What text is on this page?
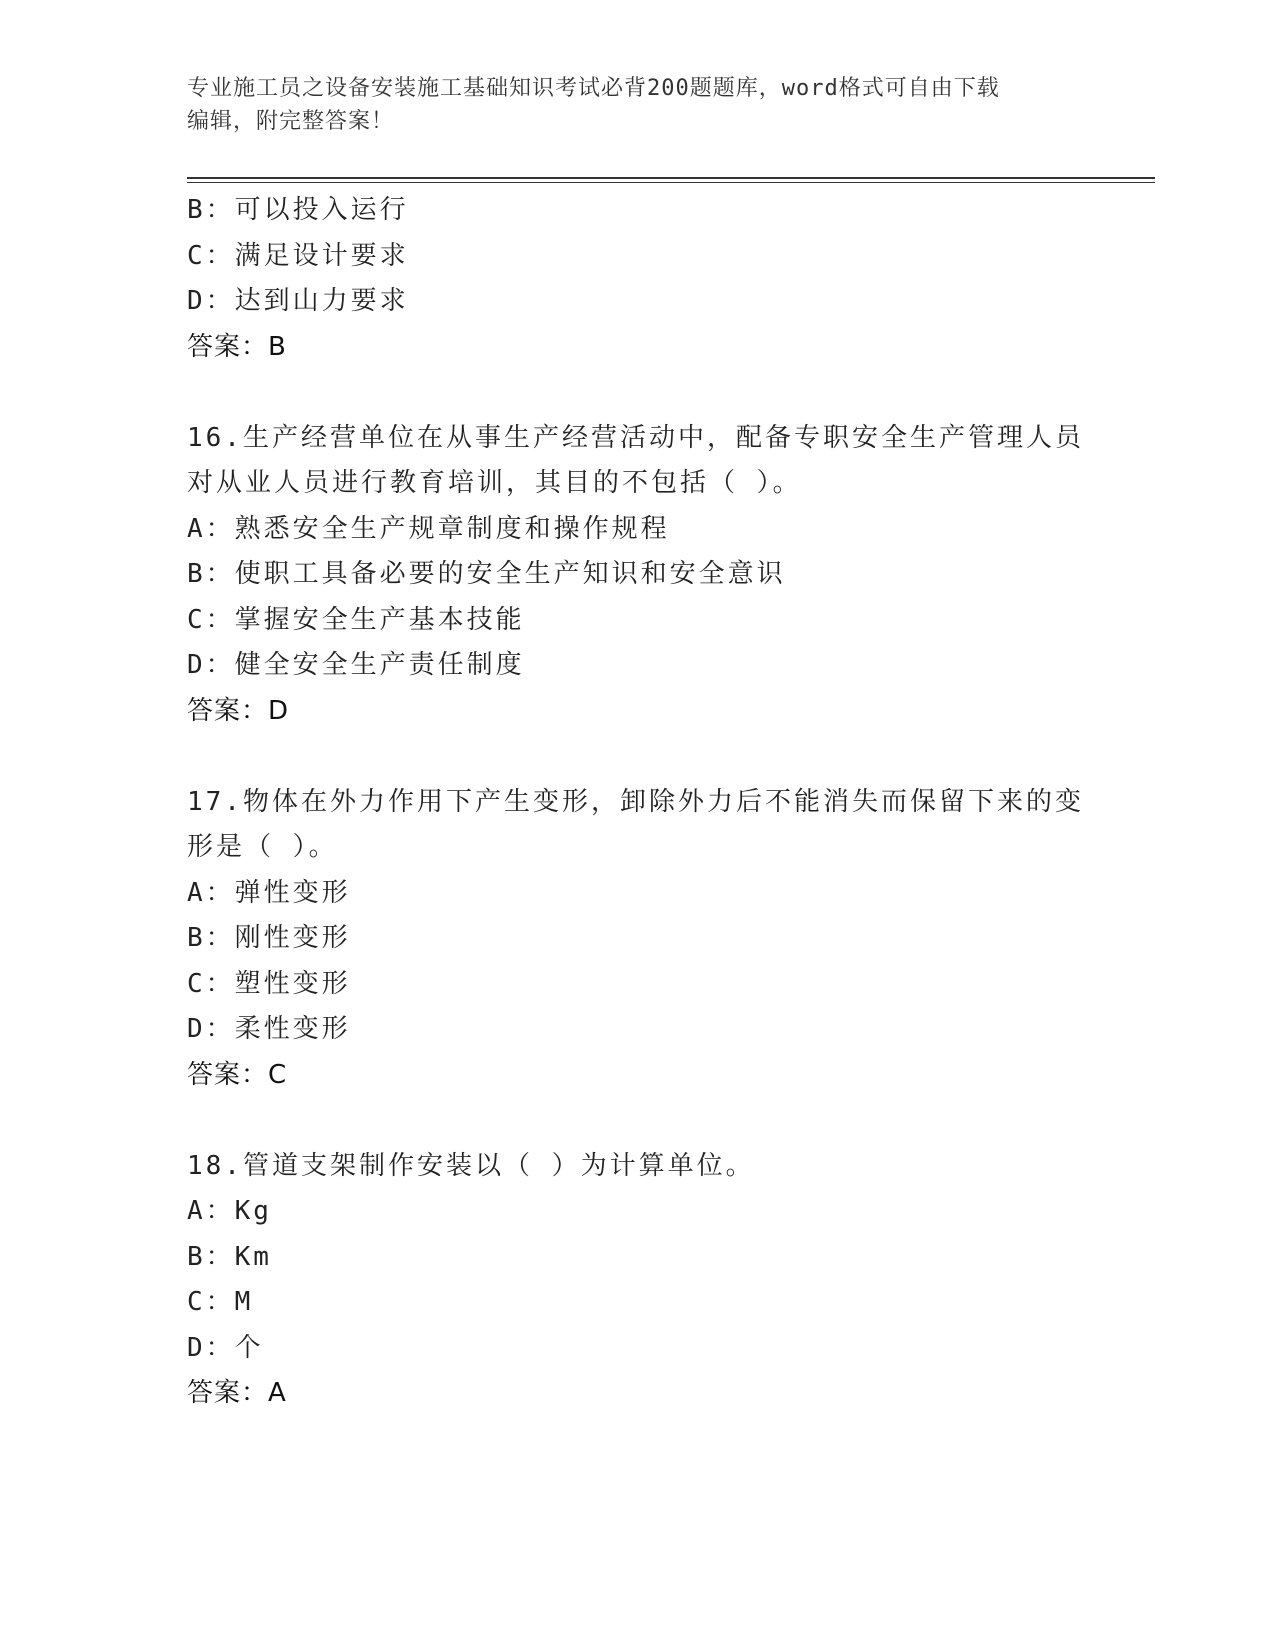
专业施工员之设备安装施工基础知识考试必背200题题库，word格式可自由下载
编辑，附完整答案！
B：可以投入运行
C：满足设计要求
D：达到山力要求
答案：B
16.生产经营单位在从事生产经营活动中，配备专职安全生产管理人员
对从业人员进行教育培训，其目的不包括（ ）。
A：熟悉安全生产规章制度和操作规程
B：使职工具备必要的安全生产知识和安全意识
C：掌握安全生产基本技能
D：健全安全生产责任制度
答案：D
17.物体在外力作用下产生变形，卸除外力后不能消失而保留下来的变
形是（ ）。
A：弹性变形
B：刚性变形
C：塑性变形
D：柔性变形
答案：C
18.管道支架制作安装以（ ）为计算单位。
A：Kg
B：Km
C：M
D：个
答案：A
